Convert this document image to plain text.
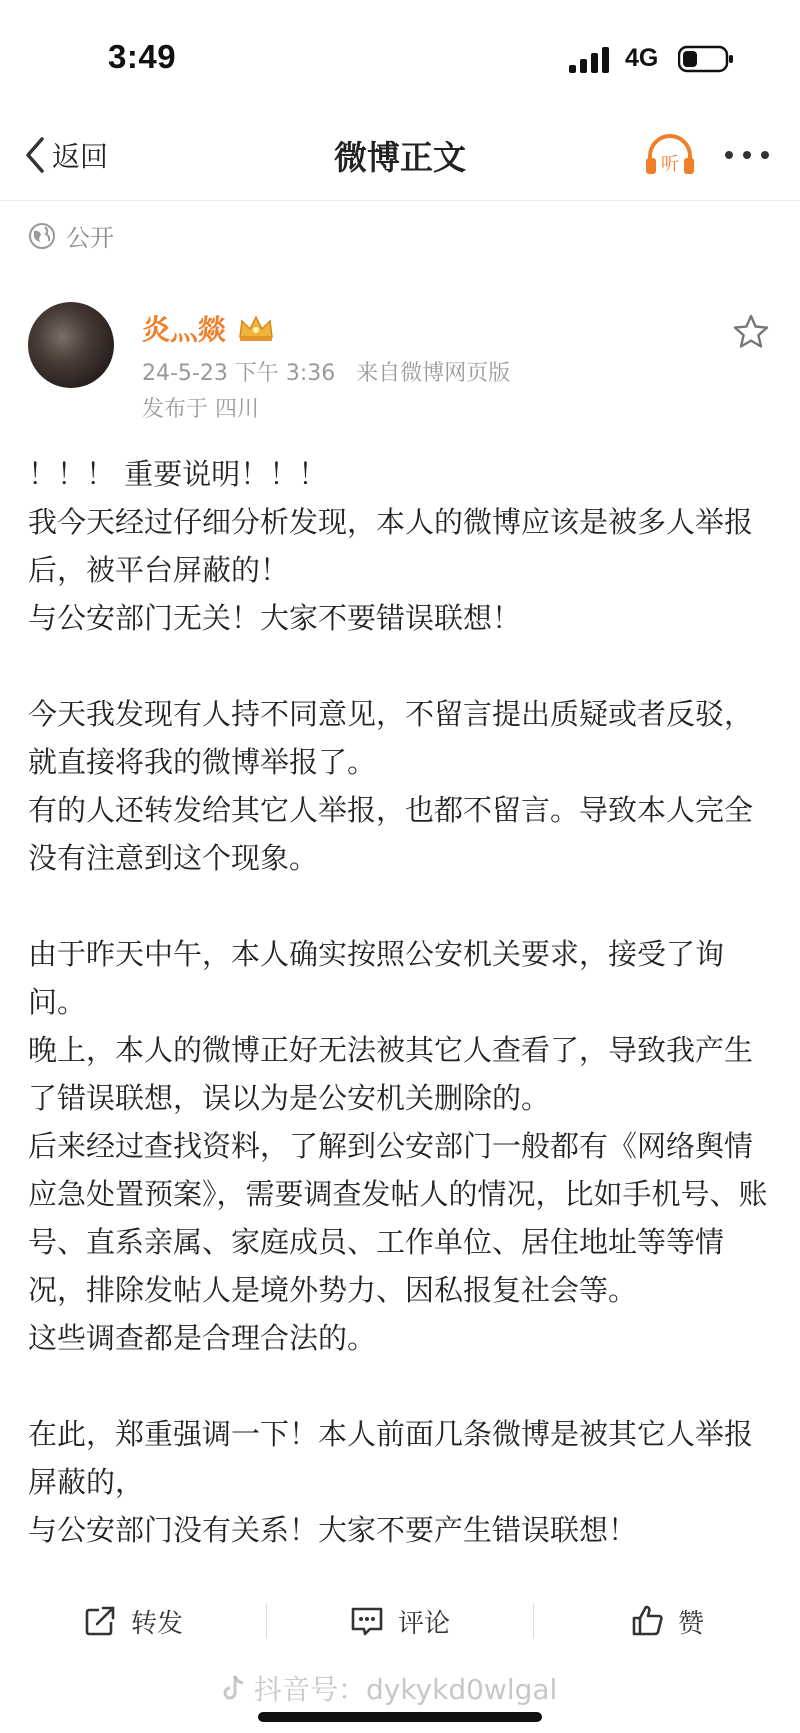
3:49	4G
返回	微博正文	听
公开
炎灬燚
24-5-23 下午 3:36 来自微博网页版
发布于 四川

！！！ 重要说明！！！
我今天经过仔细分析发现，本人的微博应该是被多人举报后，被平台屏蔽的！
与公安部门无关！大家不要错误联想！

今天我发现有人持不同意见，不留言提出质疑或者反驳，就直接将我的微博举报了。
有的人还转发给其它人举报，也都不留言。导致本人完全没有注意到这个现象。

由于昨天中午，本人确实按照公安机关要求，接受了询问。
晚上，本人的微博正好无法被其它人查看了，导致我产生了错误联想，误以为是公安机关删除的。
后来经过查找资料，了解到公安部门一般都有《网络舆情应急处置预案》，需要调查发帖人的情况，比如手机号、账号、直系亲属、家庭成员、工作单位、居住地址等等情况，排除发帖人是境外势力、因私报复社会等。
这些调查都是合理合法的。

在此，郑重强调一下！本人前面几条微博是被其它人举报屏蔽的，
与公安部门没有关系！大家不要产生错误联想！

转发	评论	赞
抖音号：dykykd0wlgal
